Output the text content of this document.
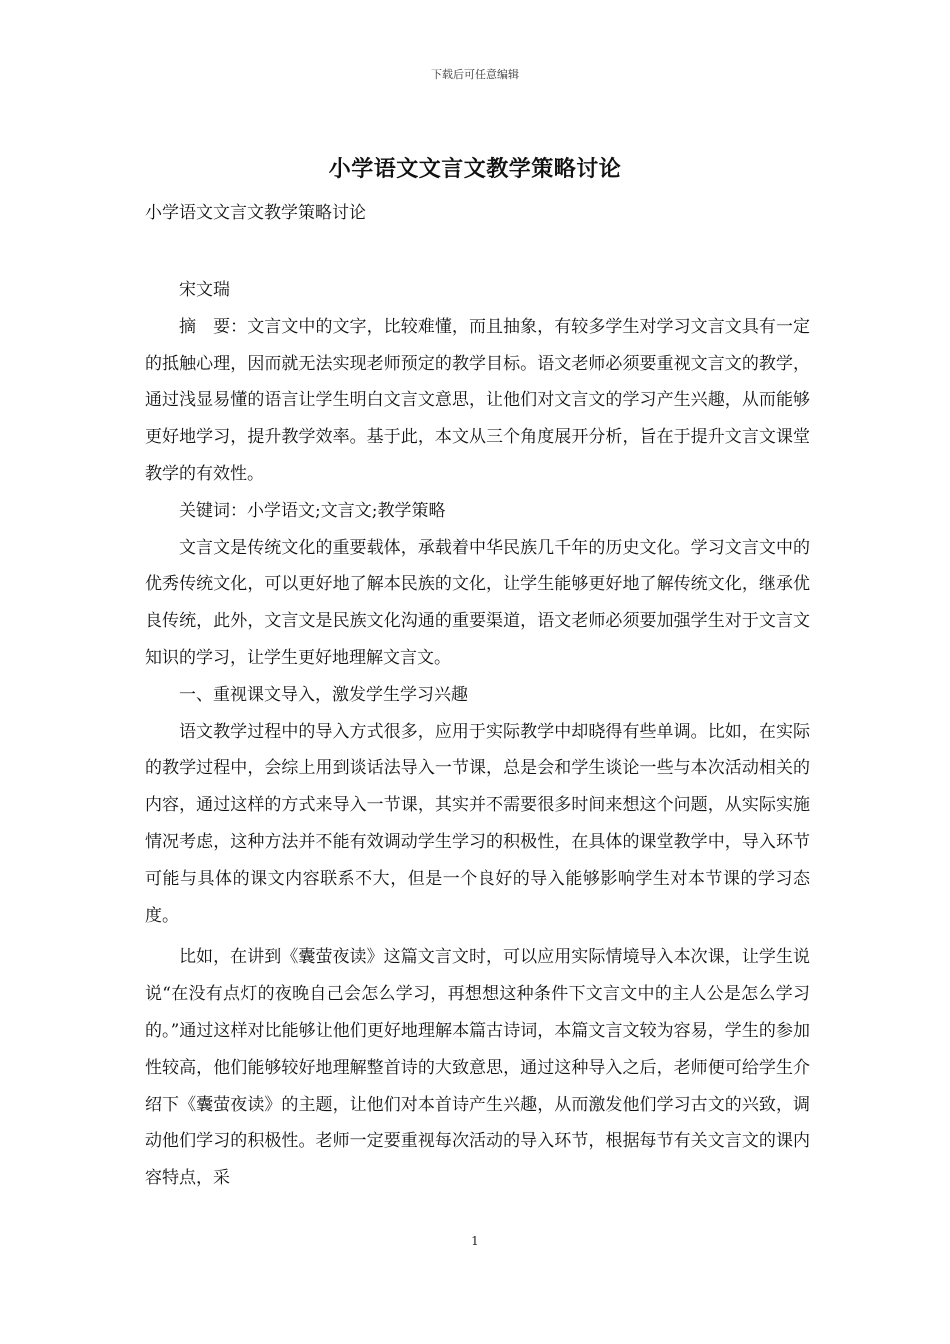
下载后可任意编辑
小学语文文言文教学策略讨论
小学语文文言文教学策略讨论

宋文瑞

摘　要：文言文中的文字，比较难懂，而且抽象，有较多学生对学习文言文具有一定的抵触心理，因而就无法实现老师预定的教学目标。语文老师必须要重视文言文的教学，通过浅显易懂的语言让学生明白文言文意思，让他们对文言文的学习产生兴趣，从而能够更好地学习，提升教学效率。基于此，本文从三个角度展开分析，旨在于提升文言文课堂教学的有效性。

关键词：小学语文;文言文;教学策略

文言文是传统文化的重要载体，承载着中华民族几千年的历史文化。学习文言文中的优秀传统文化，可以更好地了解本民族的文化，让学生能够更好地了解传统文化，继承优良传统，此外，文言文是民族文化沟通的重要渠道，语文老师必须要加强学生对于文言文知识的学习，让学生更好地理解文言文。

一、重视课文导入，激发学生学习兴趣

语文教学过程中的导入方式很多，应用于实际教学中却晓得有些单调。比如，在实际的教学过程中，会综上用到谈话法导入一节课，总是会和学生谈论一些与本次活动相关的内容，通过这样的方式来导入一节课，其实并不需要很多时间来想这个问题，从实际实施情况考虑，这种方法并不能有效调动学生学习的积极性，在具体的课堂教学中，导入环节可能与具体的课文内容联系不大，但是一个良好的导入能够影响学生对本节课的学习态度。

比如，在讲到《囊萤夜读》这篇文言文时，可以应用实际情境导入本次课，让学生说说“在没有点灯的夜晚自己会怎么学习，再想想这种条件下文言文中的主人公是怎么学习的。”通过这样对比能够让他们更好地理解本篇古诗词，本篇文言文较为容易，学生的参加性较高，他们能够较好地理解整首诗的大致意思，通过这种导入之后，老师便可给学生介绍下《囊萤夜读》的主题，让他们对本首诗产生兴趣，从而激发他们学习古文的兴致，调动他们学习的积极性。老师一定要重视每次活动的导入环节，根据每节有关文言文的课内容特点，采

1
